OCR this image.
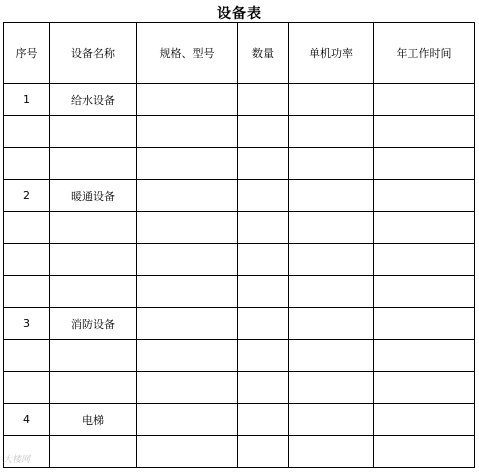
设备表
序号	设备名称	规格、型号	数量	单机功率	年工作时间
1	给水设备				

2	暖通设备				

3	消防设备				

4	电梯				

大楼网
